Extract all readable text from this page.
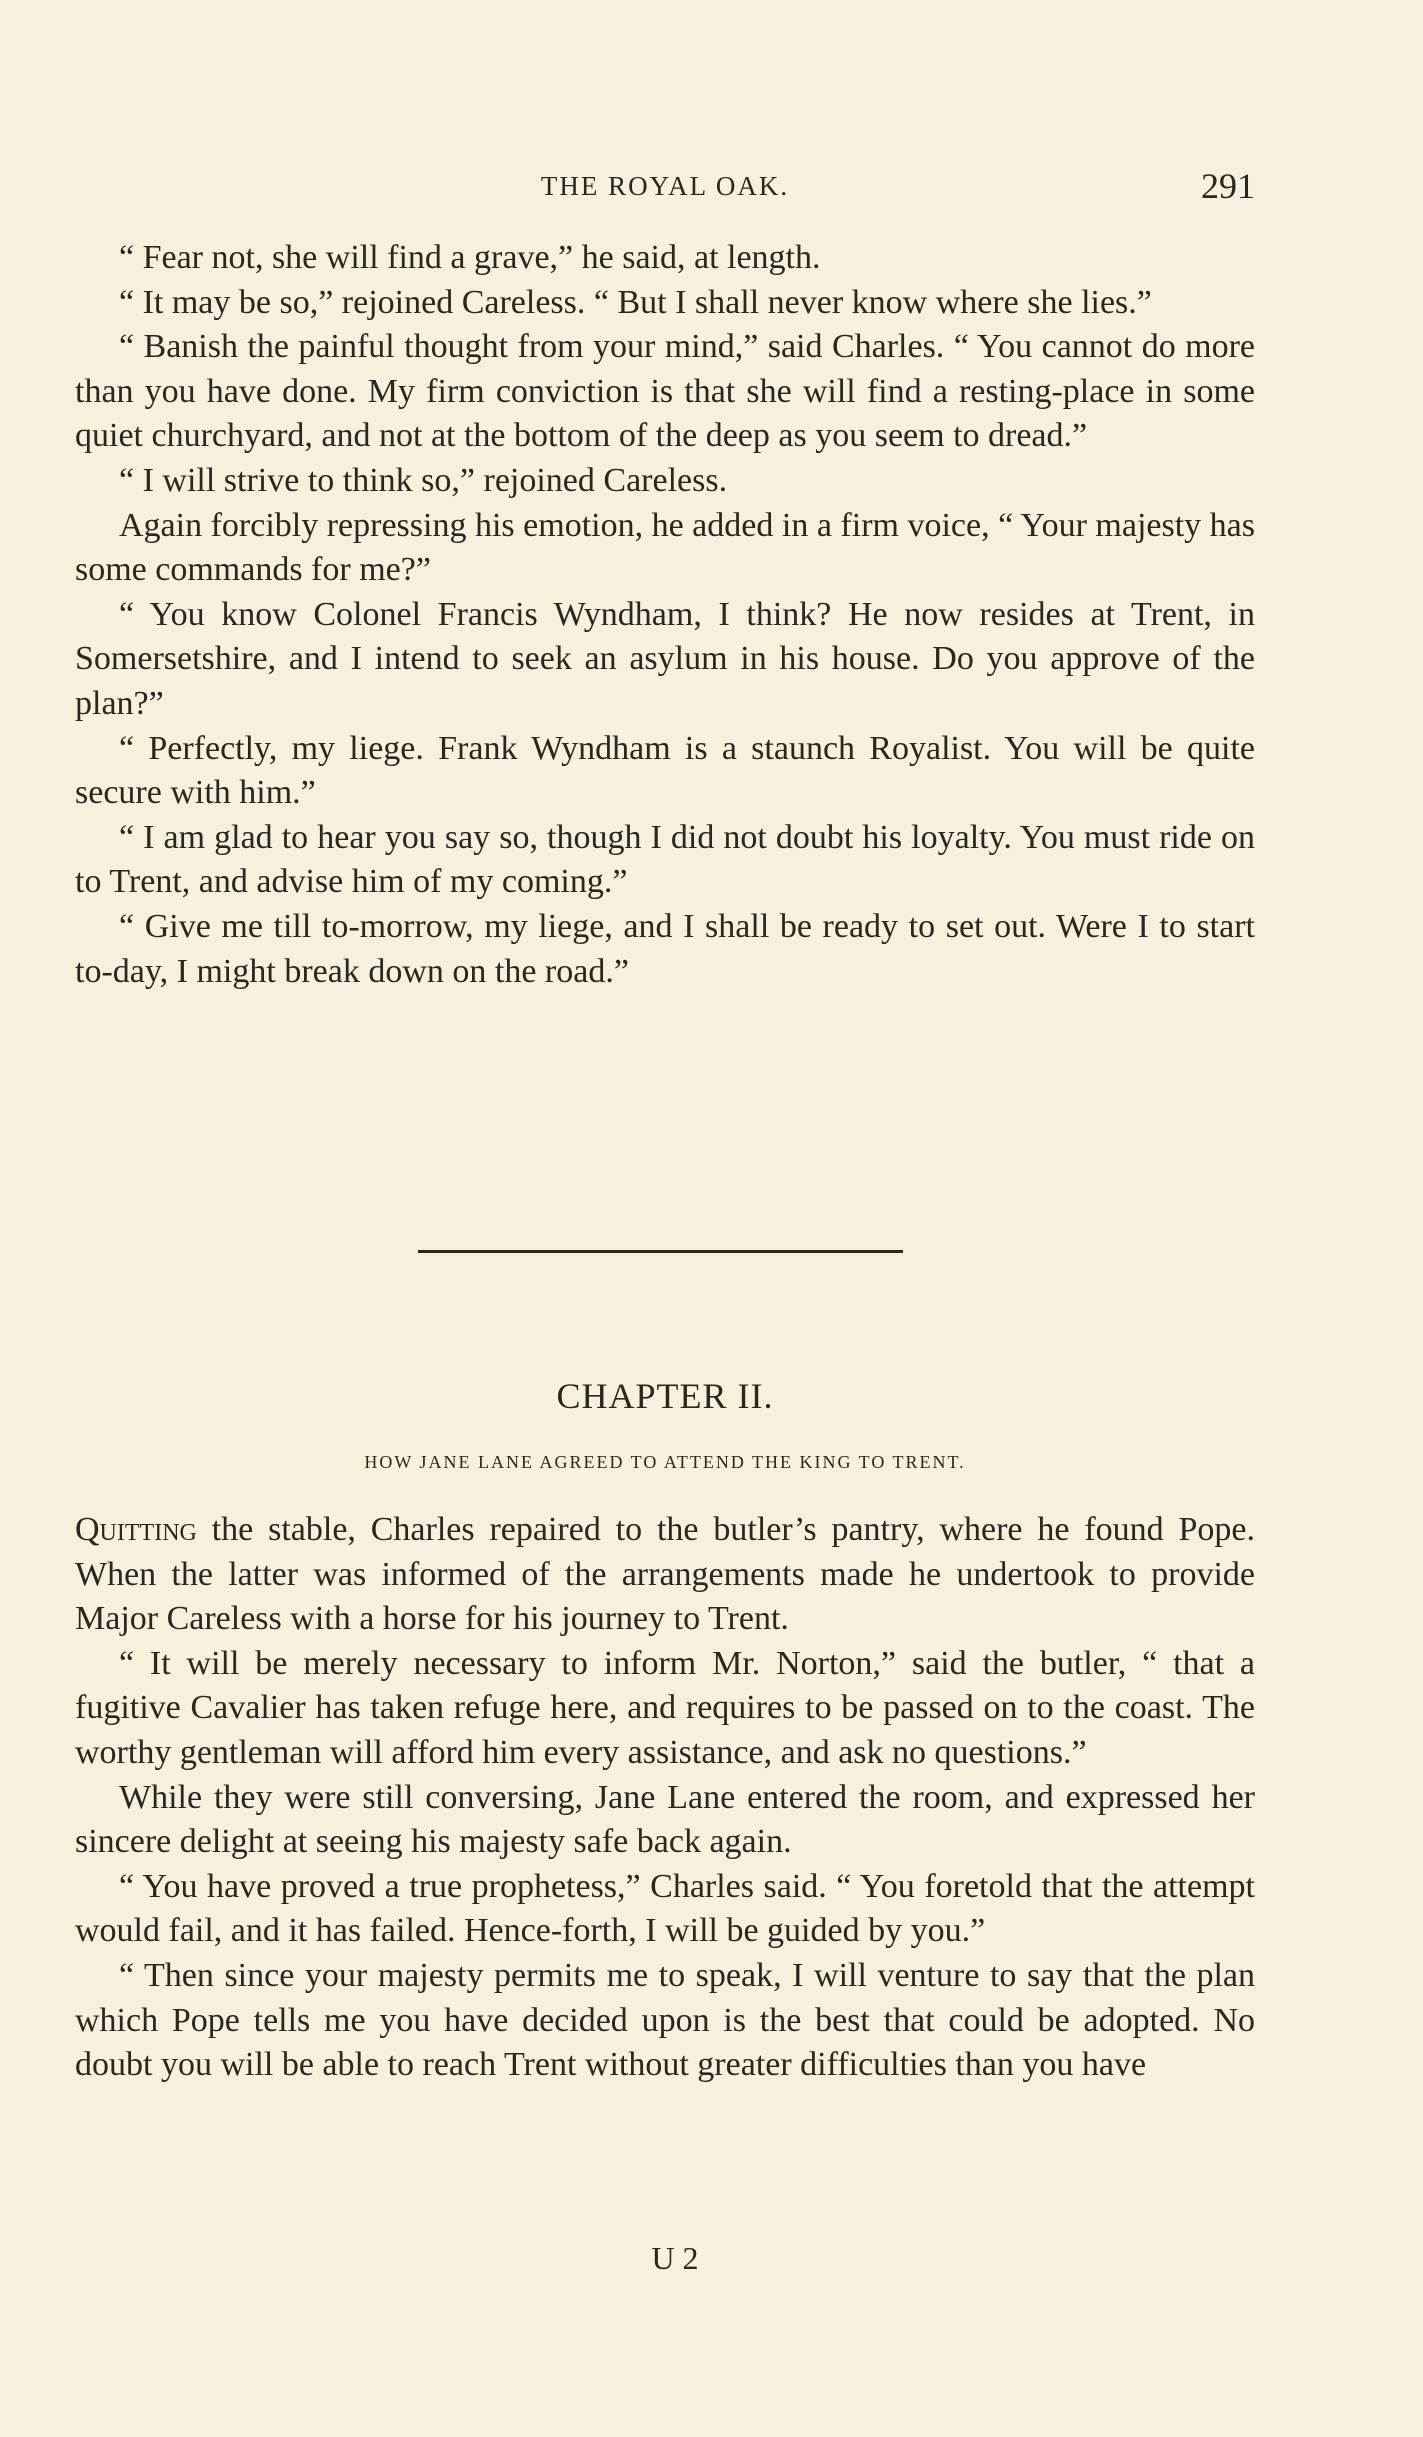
THE ROYAL OAK.	291

“ Fear not, she will find a grave,” he said, at length.

“ It may be so,” rejoined Careless. “ But I shall never know where she lies.”

“ Banish the painful thought from your mind,” said Charles. “ You cannot do more than you have done. My firm conviction is that she will find a resting-place in some quiet churchyard, and not at the bottom of the deep as you seem to dread.”

“ I will strive to think so,” rejoined Careless.

Again forcibly repressing his emotion, he added in a firm voice, “ Your majesty has some commands for me?”

“ You know Colonel Francis Wyndham, I think? He now resides at Trent, in Somersetshire, and I intend to seek an asylum in his house. Do you approve of the plan?”

“ Perfectly, my liege. Frank Wyndham is a staunch Royalist. You will be quite secure with him.”

“ I am glad to hear you say so, though I did not doubt his loyalty. You must ride on to Trent, and advise him of my coming.”

“ Give me till to-morrow, my liege, and I shall be ready to set out. Were I to start to-day, I might break down on the road.”

CHAPTER II.
HOW JANE LANE AGREED TO ATTEND THE KING TO TRENT.

Quitting the stable, Charles repaired to the butler’s pantry, where he found Pope. When the latter was informed of the arrangements made he undertook to provide Major Careless with a horse for his journey to Trent.

“ It will be merely necessary to inform Mr. Norton,” said the butler, “ that a fugitive Cavalier has taken refuge here, and requires to be passed on to the coast. The worthy gentleman will afford him every assistance, and ask no questions.”

While they were still conversing, Jane Lane entered the room, and expressed her sincere delight at seeing his majesty safe back again.

“ You have proved a true prophetess,” Charles said. “ You foretold that the attempt would fail, and it has failed. Hence-forth, I will be guided by you.”

“ Then since your majesty permits me to speak, I will venture to say that the plan which Pope tells me you have decided upon is the best that could be adopted. No doubt you will be able to reach Trent without greater difficulties than you have

U 2
